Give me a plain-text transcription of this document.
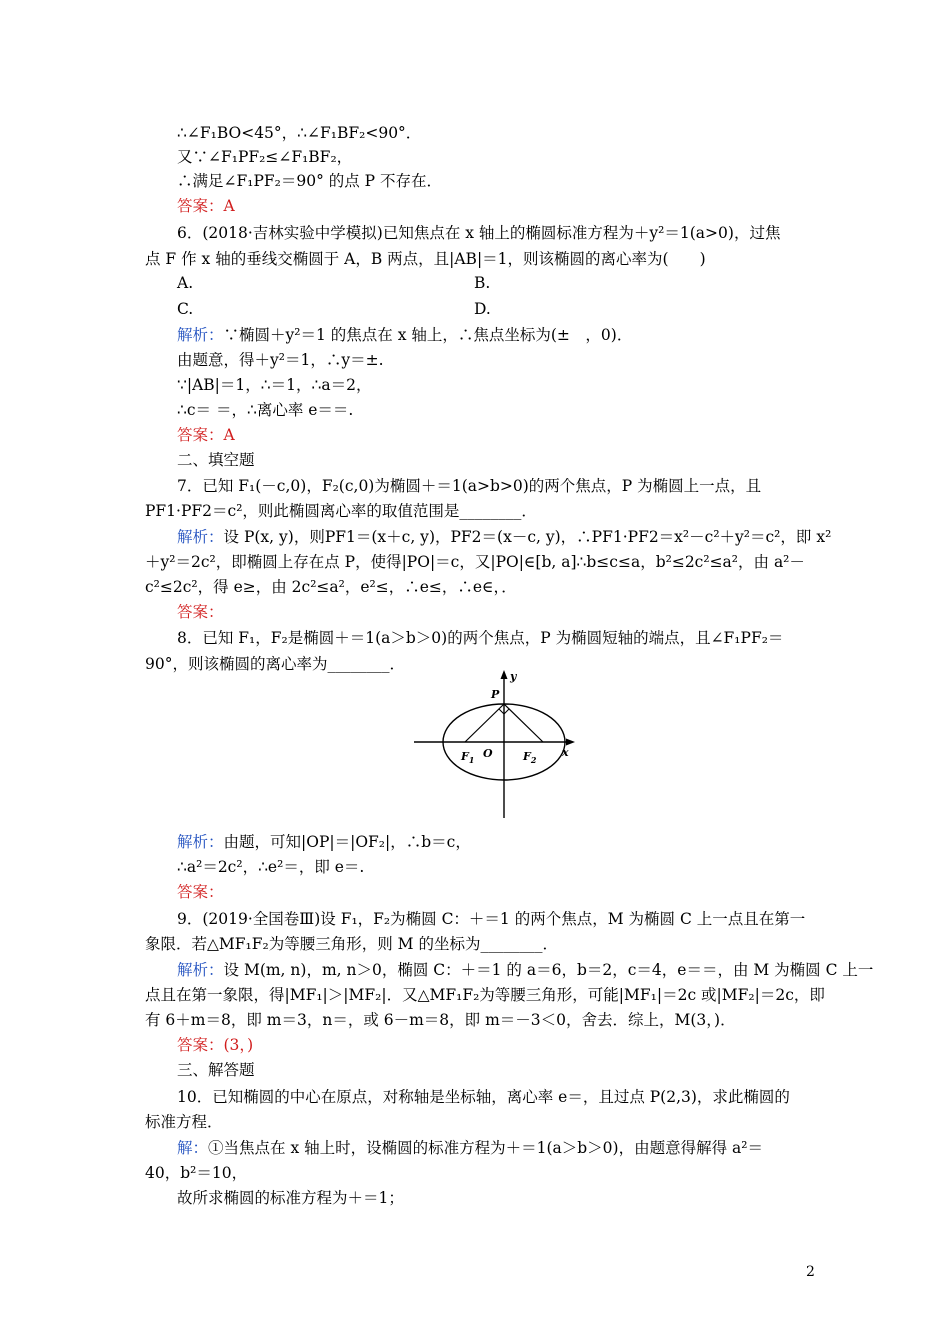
∴∠F₁BO<45°，∴∠F₁BF₂<90°．
又∵∠F₁PF₂≤∠F₁BF₂，
∴满足∠F₁PF₂＝90° 的点 P 不存在．
答案：A
6．(2018·吉林实验中学模拟)已知焦点在 x 轴上的椭圆标准方程为＋y²＝1(a>0)，过焦
点 F 作 x 轴的垂线交椭圆于 A，B 两点，且|AB|＝1，则该椭圆的离心率为(　　)
A.	B.
C.	D.
解析：∵椭圆＋y²＝1 的焦点在 x 轴上，∴焦点坐标为(±　，0)．
由题意，得＋y²＝1，∴y＝±.
∵|AB|＝1，∴＝1，∴a＝2，
∴c＝ ＝，∴离心率 e＝＝.
答案：A
二、填空题
7．已知 F₁(－c,0)，F₂(c,0)为椭圆＋＝1(a>b>0)的两个焦点，P 为椭圆上一点，且
PF1·PF2＝c²，则此椭圆离心率的取值范围是________．
解析：设 P(x, y)，则PF1＝(x＋c, y)，PF2＝(x－c, y)，∴PF1·PF2＝x²－c²＋y²＝c²，即 x²
＋y²＝2c²，即椭圆上存在点 P，使得|PO|＝c，又|PO|∈[b, a]∴b≤c≤a，b²≤2c²≤a²，由 a²－
c²≤2c²，得 e≥，由 2c²≤a²，e²≤，∴e≤，∴e∈，．
答案：
8．已知 F₁，F₂是椭圆＋＝1(a＞b＞0)的两个焦点，P 为椭圆短轴的端点，且∠F₁PF₂＝
90°，则该椭圆的离心率为________．
解析：由题，可知|OP|＝|OF₂|，∴b＝c，
∴a²＝2c²，∴e²＝，即 e＝.
答案：
9．(2019·全国卷Ⅲ)设 F₁，F₂为椭圆 C：＋＝1 的两个焦点，M 为椭圆 C 上一点且在第一
象限．若△MF₁F₂为等腰三角形，则 M 的坐标为________．
解析：设 M(m, n)，m, n＞0，椭圆 C：＋＝1 的 a＝6，b＝2，c＝4，e＝＝，由 M 为椭圆 C 上一
点且在第一象限，得|MF₁|＞|MF₂|．又△MF₁F₂为等腰三角形，可能|MF₁|＝2c 或|MF₂|＝2c，即
有 6＋m＝8，即 m＝3，n＝，或 6－m＝8，即 m＝－3＜0，舍去．综上，M(3，)．
答案：(3，)
三、解答题
10．已知椭圆的中心在原点，对称轴是坐标轴，离心率 e＝，且过点 P(2,3)，求此椭圆的
标准方程．
解：①当焦点在 x 轴上时，设椭圆的标准方程为＋＝1(a＞b＞0)，由题意得解得 a²＝
40，b²＝10，
故所求椭圆的标准方程为＋＝1；
P
y
x
O
$F_1$	$F_2$
2
